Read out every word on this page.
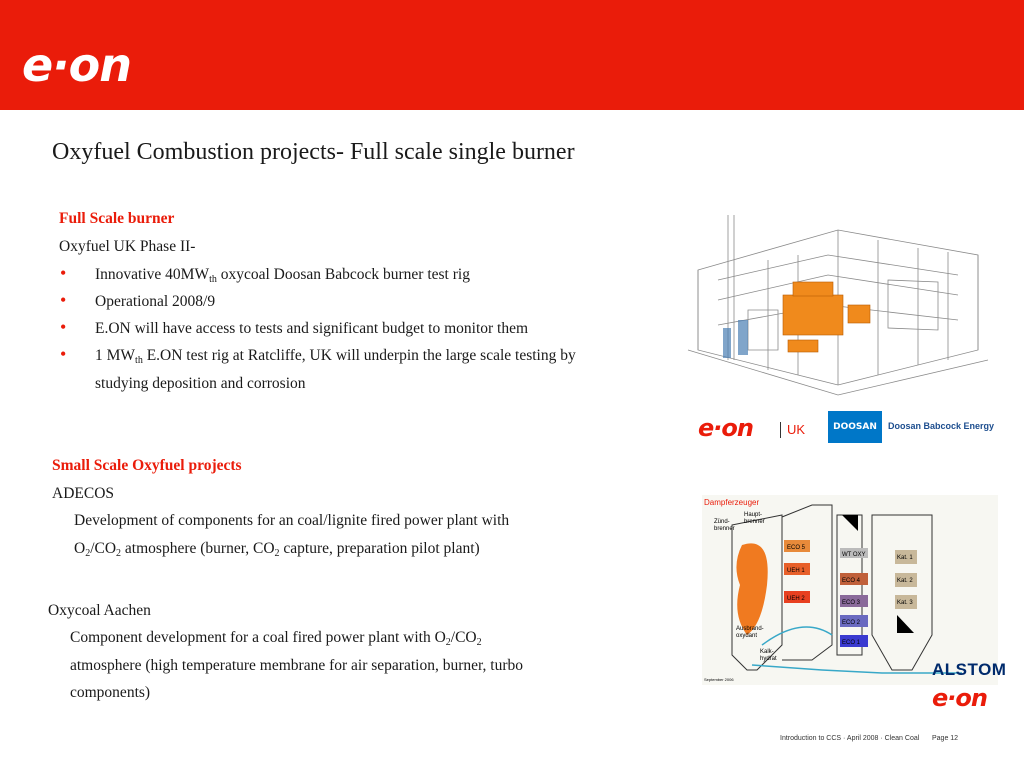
e·on
Oxyfuel Combustion projects- Full scale single burner
Full Scale burner
Oxyfuel UK Phase II-
• Innovative $40MW_{th}$ oxycoal Doosan Babcock burner test rig
• Operational 2008/9
• E.ON will have access to tests and significant budget to monitor them
• 1 $MW_{th}$ E.ON test rig at Ratcliffe, UK will underpin the large scale testing by
studying deposition and corrosion
Small Scale Oxyfuel projects
ADECOS
Development of components for an coal/lignite fired power plant with
$O_2/CO_2$ atmosphere (burner, $CO_2$ capture, preparation pilot plant)
Oxycoal Aachen
Component development for a coal fired power plant with $O_2/CO_2$
atmosphere (high temperature membrane for air separation, burner, turbo
components)
e·on	UK	DOOSAN	Doosan Babcock Energy
Dampferzeuger
ECO 5
UEH 1
UEH 2
WT OXY
ECO 4
ECO 3
ECO 2
ECO 1
Kat. 1
Kat. 2
Kat. 3
Zünd-
brenner
Haupt-
brenner
Ausbrand-
oxydant
Kalk-
hydrat
September 2006
ALSTOM
e·on
Introduction to CCS · April 2008 · Clean Coal Page 12
